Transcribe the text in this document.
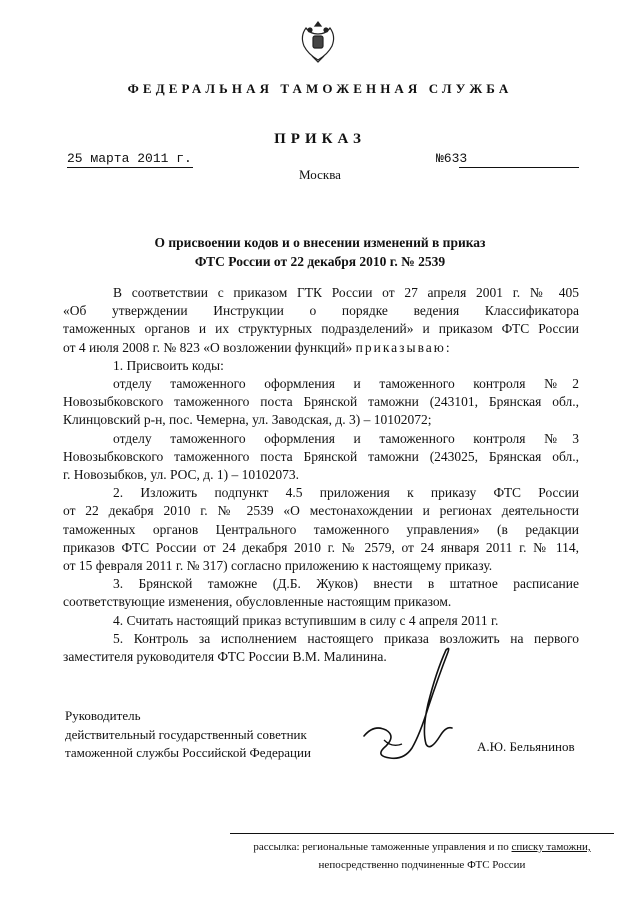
ФЕДЕРАЛЬНАЯ ТАМОЖЕННАЯ СЛУЖБА
ПРИКАЗ
25 марта 2011 г.	№633
Москва
О присвоении кодов и о внесении изменений в приказ
ФТС России от 22 декабря 2010 г. № 2539

В соответствии с приказом ГТК России от 27 апреля 2001 г. № 405

«Об утверждении Инструкции о порядке ведения Классификатора

таможенных органов и их структурных подразделений» и приказом ФТС России

от 4 июля 2008 г. № 823 «О возложении функций» приказываю:

1. Присвоить коды:

отделу таможенного оформления и таможенного контроля №2

Новозыбковского таможенного поста Брянской таможни (243101, Брянская обл.,

Клинцовский р-н, пос. Чемерна, ул. Заводская, д. 3) – 10102072;

отделу таможенного оформления и таможенного контроля №3

Новозыбковского таможенного поста Брянской таможни (243025, Брянская обл.,

г. Новозыбков, ул. РОС, д. 1) – 10102073.

2. Изложить подпункт 4.5 приложения к приказу ФТС России

от 22 декабря 2010 г. № 2539 «О местонахождении и регионах деятельности

таможенных органов Центрального таможенного управления» (в редакции

приказов ФТС России от 24 декабря 2010 г. № 2579, от 24 января 2011 г. № 114,

от 15 февраля 2011 г. № 317) согласно приложению к настоящему приказу.

3. Брянской таможне (Д.Б. Жуков) внести в штатное расписание

соответствующие изменения, обусловленные настоящим приказом.

4. Считать настоящий приказ вступившим в силу с 4 апреля 2011 г.

5. Контроль за исполнением настоящего приказа возложить на первого

заместителя руководителя ФТС России В.М. Малинина.

Руководитель
действительный государственный советник
таможенной службы Российской Федерации	А.Ю. Бельянинов
рассылка: региональные таможенные управления и по списку таможни,
непосредственно подчиненные ФТС России
